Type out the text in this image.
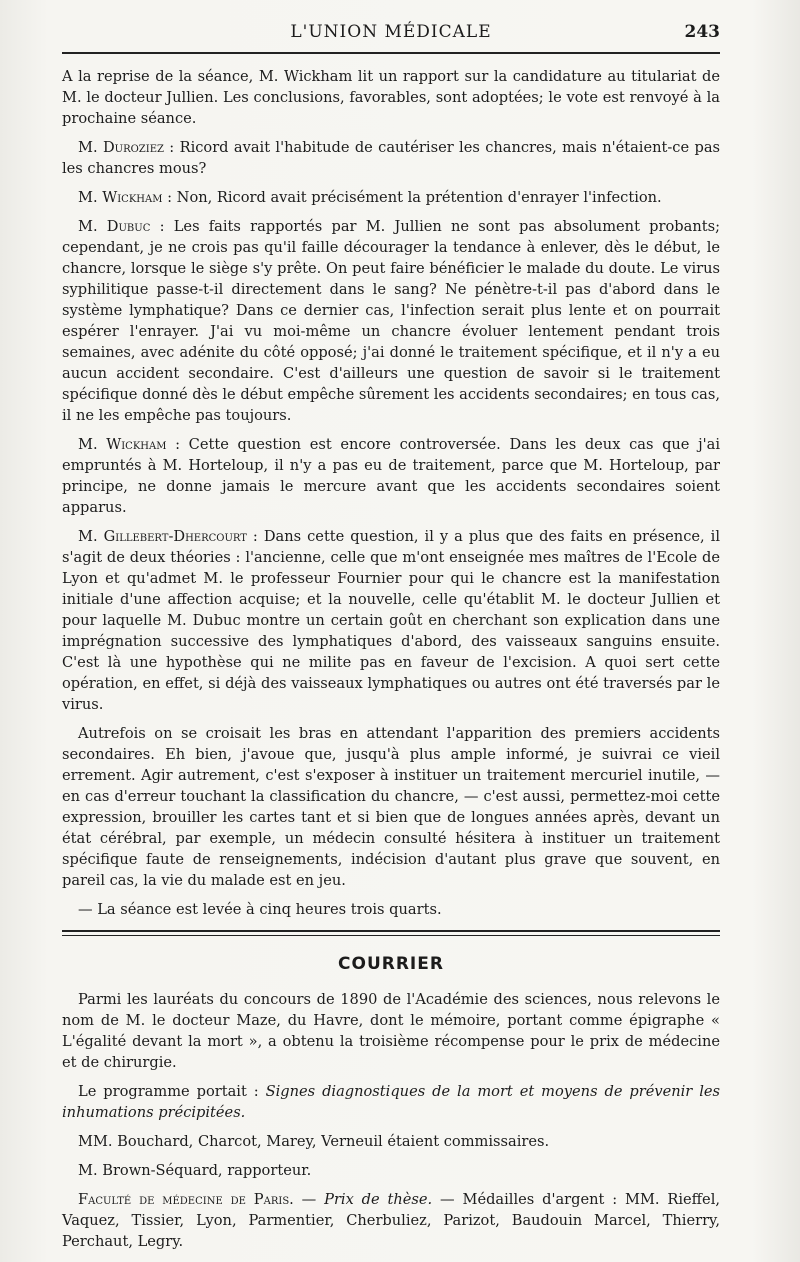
L'UNION MÉDICALE	243

A la reprise de la séance, M. Wickham lit un rapport sur la candidature au titulariat de M. le docteur Jullien. Les conclusions, favorables, sont adoptées; le vote est renvoyé à la prochaine séance.

M. Duroziez : Ricord avait l'habitude de cautériser les chancres, mais n'étaient-ce pas les chancres mous?

M. Wickham : Non, Ricord avait précisément la prétention d'enrayer l'infection.

M. Dubuc : Les faits rapportés par M. Jullien ne sont pas absolument probants; cependant, je ne crois pas qu'il faille décourager la tendance à enlever, dès le début, le chancre, lorsque le siège s'y prête. On peut faire bénéficier le malade du doute. Le virus syphilitique passe-t-il directement dans le sang? Ne pénètre-t-il pas d'abord dans le système lymphatique? Dans ce dernier cas, l'infection serait plus lente et on pourrait espérer l'enrayer. J'ai vu moi-même un chancre évoluer lentement pendant trois semaines, avec adénite du côté opposé; j'ai donné le traitement spécifique, et il n'y a eu aucun accident secondaire. C'est d'ailleurs une question de savoir si le traitement spécifique donné dès le début empêche sûrement les accidents secondaires; en tous cas, il ne les empêche pas toujours.

M. Wickham : Cette question est encore controversée. Dans les deux cas que j'ai empruntés à M. Horteloup, il n'y a pas eu de traitement, parce que M. Horteloup, par principe, ne donne jamais le mercure avant que les accidents secondaires soient apparus.

M. Gillebert-Dhercourt : Dans cette question, il y a plus que des faits en présence, il s'agit de deux théories : l'ancienne, celle que m'ont enseignée mes maîtres de l'Ecole de Lyon et qu'admet M. le professeur Fournier pour qui le chancre est la manifestation initiale d'une affection acquise; et la nouvelle, celle qu'établit M. le docteur Jullien et pour laquelle M. Dubuc montre un certain goût en cherchant son explication dans une imprégnation successive des lymphatiques d'abord, des vaisseaux sanguins ensuite. C'est là une hypothèse qui ne milite pas en faveur de l'excision. A quoi sert cette opération, en effet, si déjà des vaisseaux lymphatiques ou autres ont été traversés par le virus.

Autrefois on se croisait les bras en attendant l'apparition des premiers accidents secondaires. Eh bien, j'avoue que, jusqu'à plus ample informé, je suivrai ce vieil errement. Agir autrement, c'est s'exposer à instituer un traitement mercuriel inutile, — en cas d'erreur touchant la classification du chancre, — c'est aussi, permettez-moi cette expression, brouiller les cartes tant et si bien que de longues années après, devant un état cérébral, par exemple, un médecin consulté hésitera à instituer un traitement spécifique faute de renseignements, indécision d'autant plus grave que souvent, en pareil cas, la vie du malade est en jeu.

— La séance est levée à cinq heures trois quarts.

COURRIER

Parmi les lauréats du concours de 1890 de l'Académie des sciences, nous relevons le nom de M. le docteur Maze, du Havre, dont le mémoire, portant comme épigraphe « L'égalité devant la mort », a obtenu la troisième récompense pour le prix de médecine et de chirurgie.

Le programme portait : Signes diagnostiques de la mort et moyens de prévenir les inhumations précipitées.

MM. Bouchard, Charcot, Marey, Verneuil étaient commissaires.

M. Brown-Séquard, rapporteur.

Faculté de médecine de Paris. — Prix de thèse. — Médailles d'argent : MM. Rieffel, Vaquez, Tissier, Lyon, Parmentier, Cherbuliez, Parizot, Baudouin Marcel, Thierry, Perchaut, Legry.
